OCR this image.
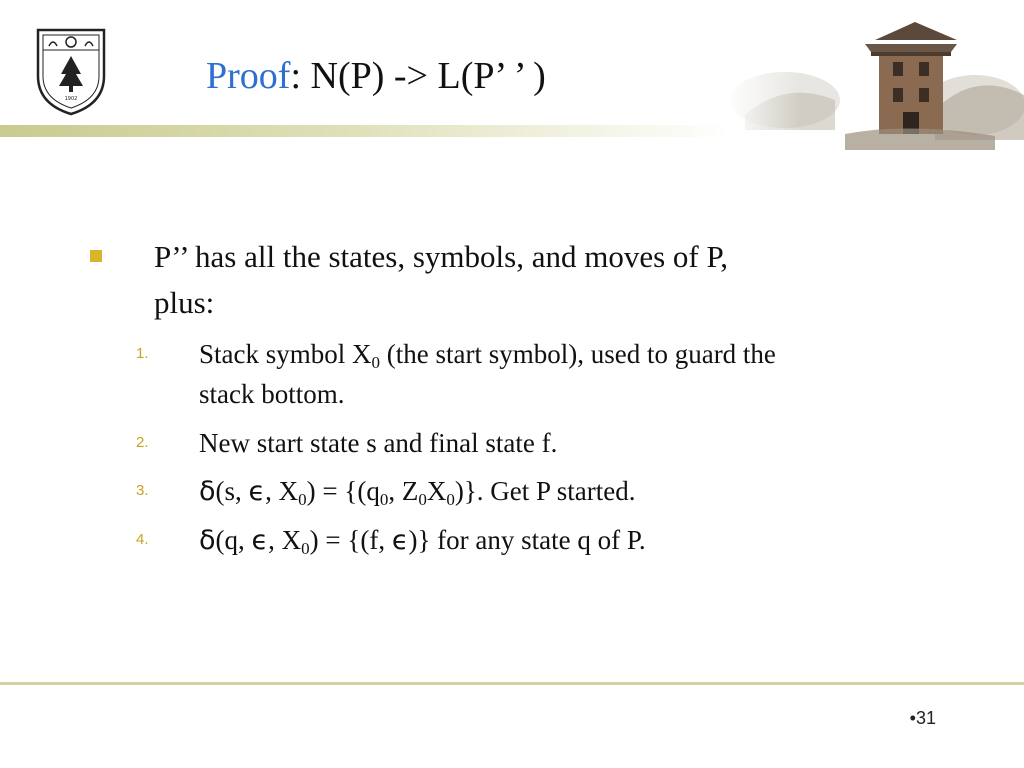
1902
Proof: N(P) -> L(P’ ’ )
P’’ has all the states, symbols, and moves of P,
plus:
1.	Stack symbol $X_0$ (the start symbol), used to guard the
stack bottom.
2.	New start state s and final state f.
3.	δ(s, ϵ, $X_0) = \{(q_0$, $Z_0X_0$)}. Get P started.
4.	δ(q, ϵ, $X_0) = \{(f$, ϵ)} for any state q of P.
•31
